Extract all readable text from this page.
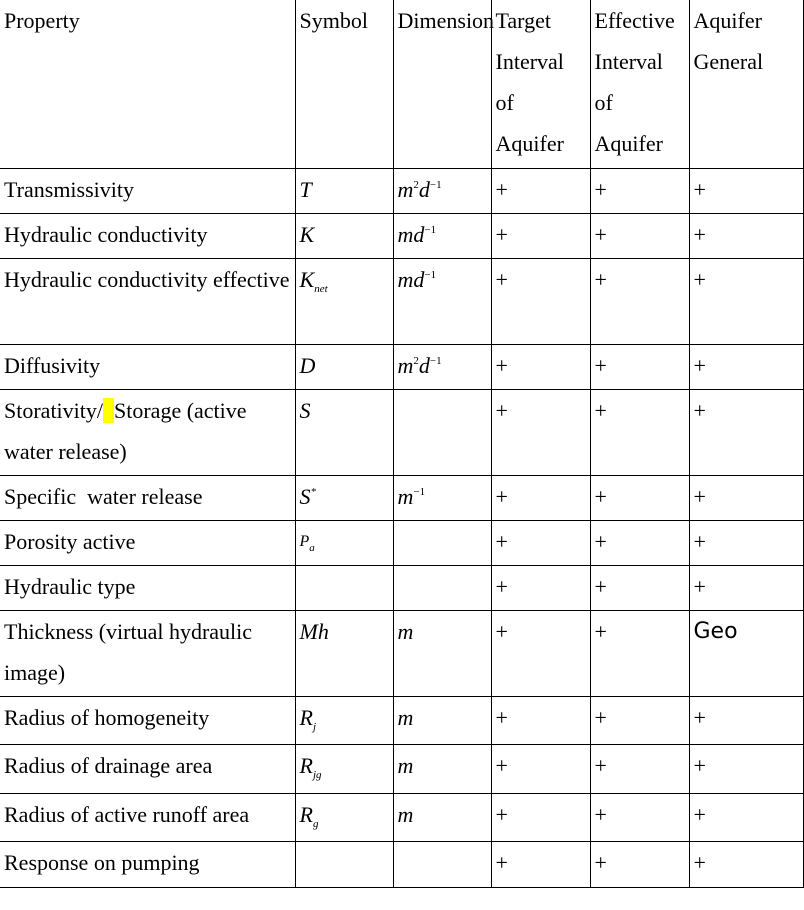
Property	Symbol	Dimension	Target Interval of Aquifer	Effective Interval of Aquifer	Aquifer General
Transmissivity	T	$m^2d^{-1}$	+	+	+
Hydraulic conductivity	K	$md^{-1}$	+	+	+
Hydraulic conductivity effective	$K_{net}$	$md^{-1}$	+	+	+
Diffusivity	D	$m^2d^{-1}$	+	+	+
Storativity/ Storage (active water release)	S		+	+	+
Specific  water release	S*	$m^{-1}$	+	+	+
Porosity active	$P_a$		+	+	+
Hydraulic type			+	+	+
Thickness (virtual hydraulic image)	Mh	m	+	+	Geo
Radius of homogeneity	$R_j$	m	+	+	+
Radius of drainage area	$R_{jg}$	m	+	+	+
Radius of active runoff area	$R_g$	m	+	+	+
Response on pumping			+	+	+
